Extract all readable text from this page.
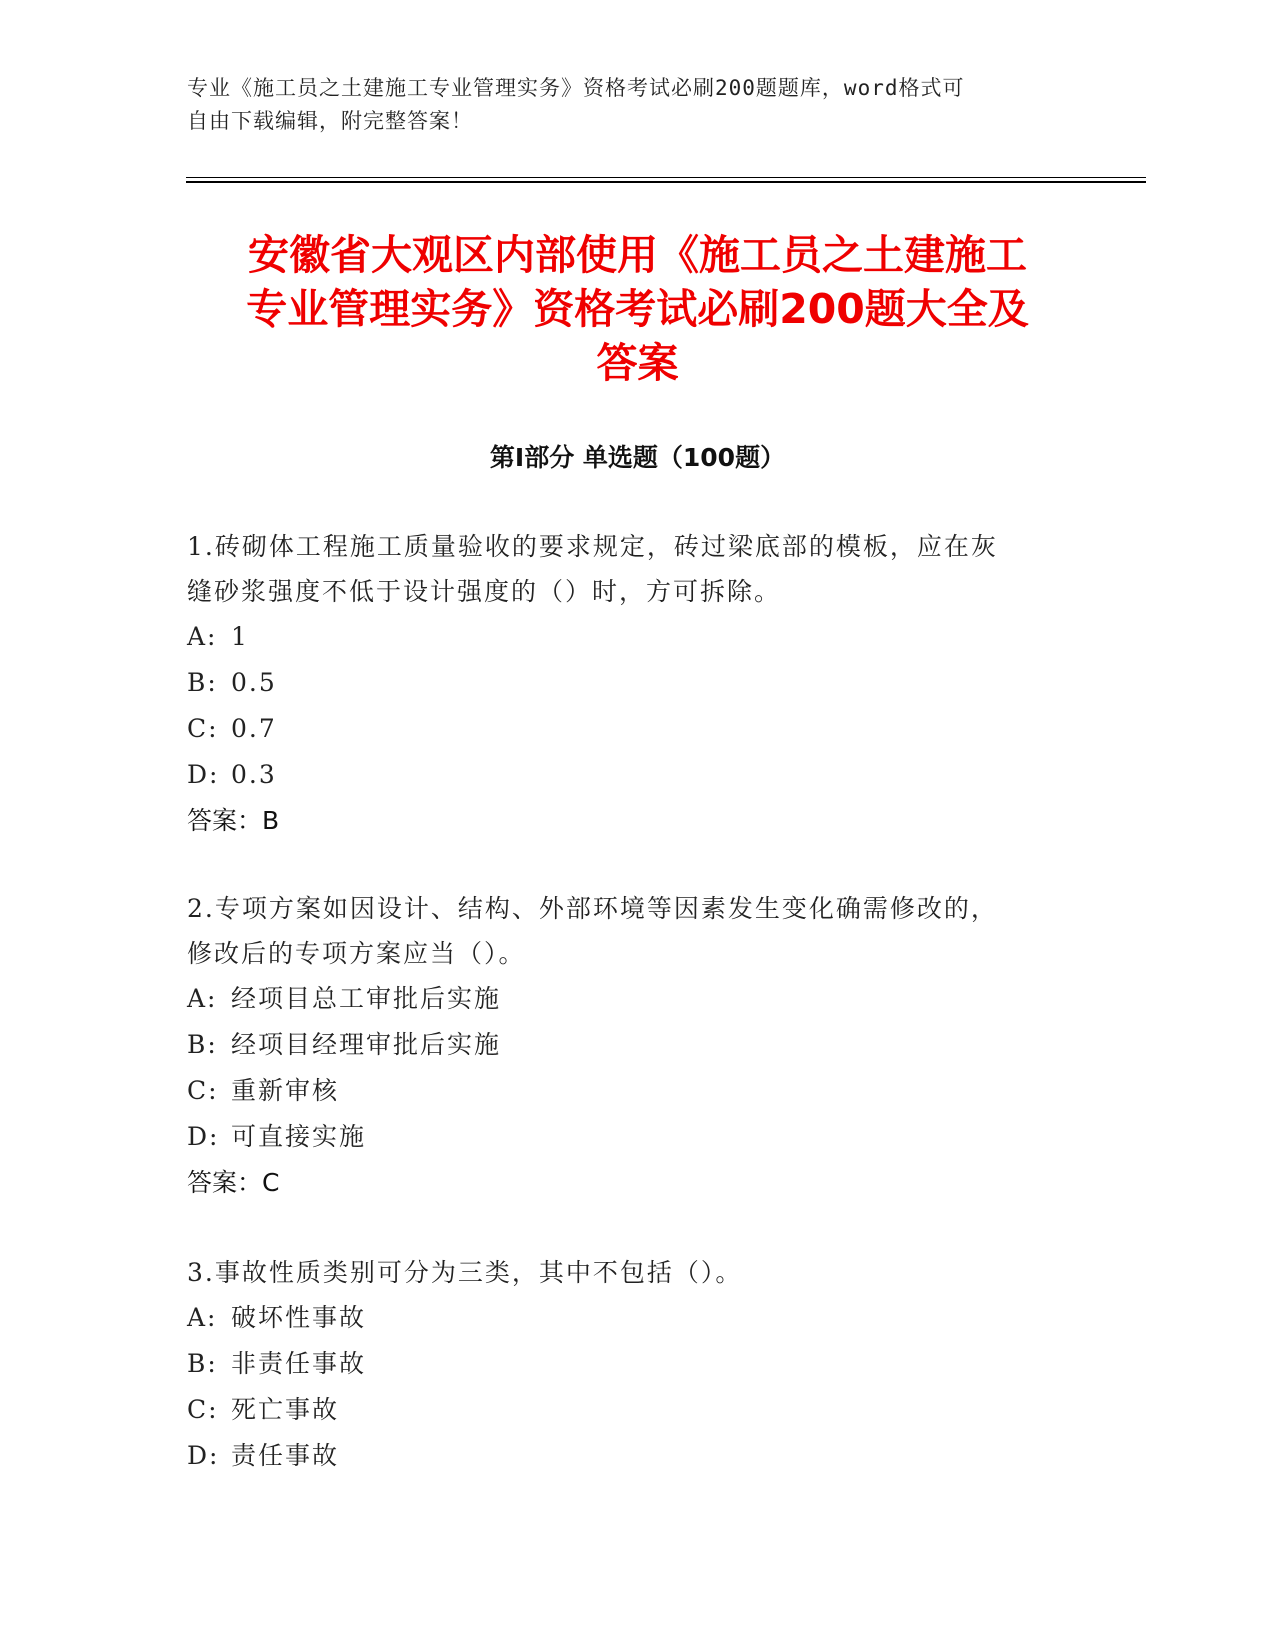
专业《施工员之土建施工专业管理实务》资格考试必刷200题题库，word格式可
自由下载编辑，附完整答案！
安徽省大观区内部使用《施工员之土建施工
专业管理实务》资格考试必刷200题大全及
答案
第Ⅰ部分 单选题（100题）
1.砖砌体工程施工质量验收的要求规定，砖过梁底部的模板，应在灰
缝砂浆强度不低于设计强度的（）时，方可拆除。
A: 1
B: 0.5
C: 0.7
D: 0.3
答案：B
2.专项方案如因设计、结构、外部环境等因素发生变化确需修改的，
修改后的专项方案应当（）。
A: 经项目总工审批后实施
B: 经项目经理审批后实施
C: 重新审核
D: 可直接实施
答案：C
3.事故性质类别可分为三类，其中不包括（）。
A: 破坏性事故
B: 非责任事故
C: 死亡事故
D: 责任事故
